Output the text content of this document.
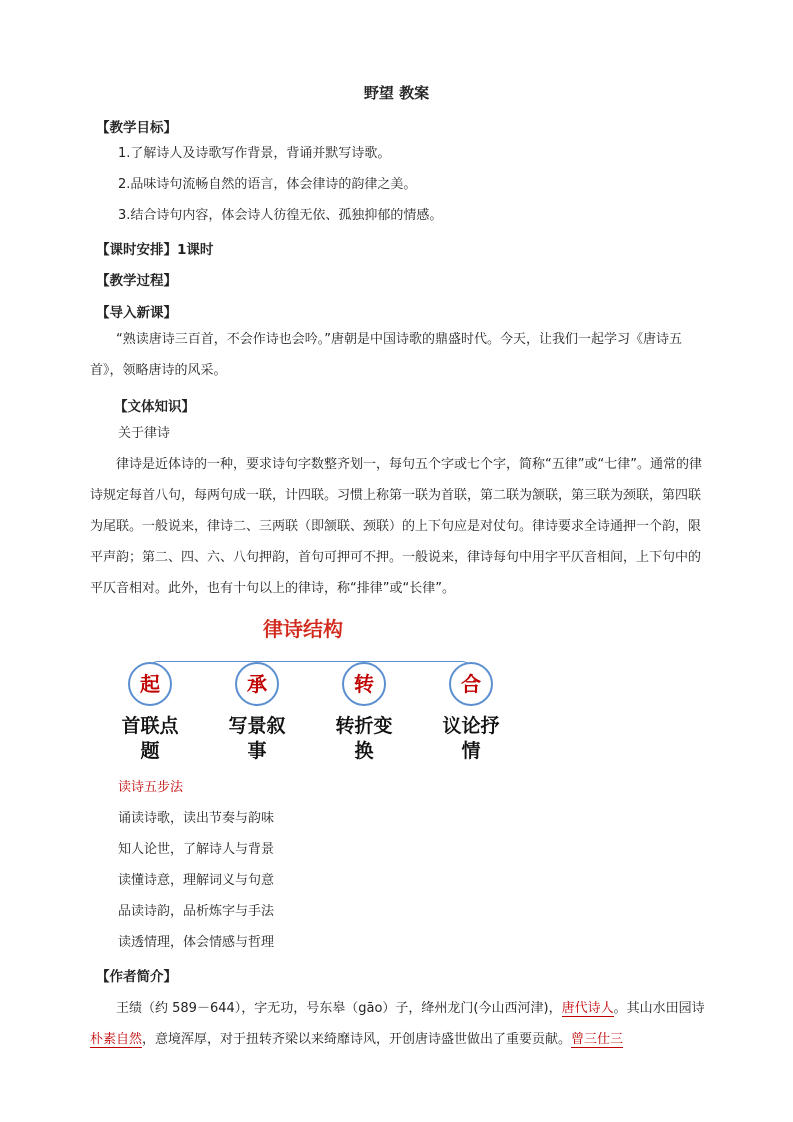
野望 教案
【教学目标】
1.了解诗人及诗歌写作背景，背诵并默写诗歌。
2.品味诗句流畅自然的语言，体会律诗的韵律之美。
3.结合诗句内容，体会诗人彷徨无依、孤独抑郁的情感。
【课时安排】1课时
【教学过程】
【导入新课】
“熟读唐诗三百首，不会作诗也会吟。”唐朝是中国诗歌的鼎盛时代。今天，让我们一起学习《唐诗五首》，领略唐诗的风采。
【文体知识】
关于律诗
律诗是近体诗的一种，要求诗句字数整齐划一，每句五个字或七个字，简称“五律”或“七律”。通常的律诗规定每首八句，每两句成一联，计四联。习惯上称第一联为首联，第二联为颔联，第三联为颈联，第四联为尾联。一般说来，律诗二、三两联（即颔联、颈联）的上下句应是对仗句。律诗要求全诗通押一个韵，限平声韵；第二、四、六、八句押韵，首句可押可不押。一般说来，律诗每句中用字平仄音相间，上下句中的平仄音相对。此外，也有十句以上的律诗，称“排律”或“长律”。
律诗结构
起	承	转	合
首联点
题
写景叙
事
转折变
换
议论抒
情
读诗五步法
诵读诗歌，读出节奏与韵味
知人论世，了解诗人与背景
读懂诗意，理解词义与句意
品读诗韵，品析炼字与手法
读透情理，体会情感与哲理
【作者简介】
王绩（约 589－644），字无功，号东皋（gāo）子，绛州龙门(今山西河津)，唐代诗人。其山水田园诗朴素自然，意境浑厚，对于扭转齐梁以来绮靡诗风，开创唐诗盛世做出了重要贡献。曾三仕三
